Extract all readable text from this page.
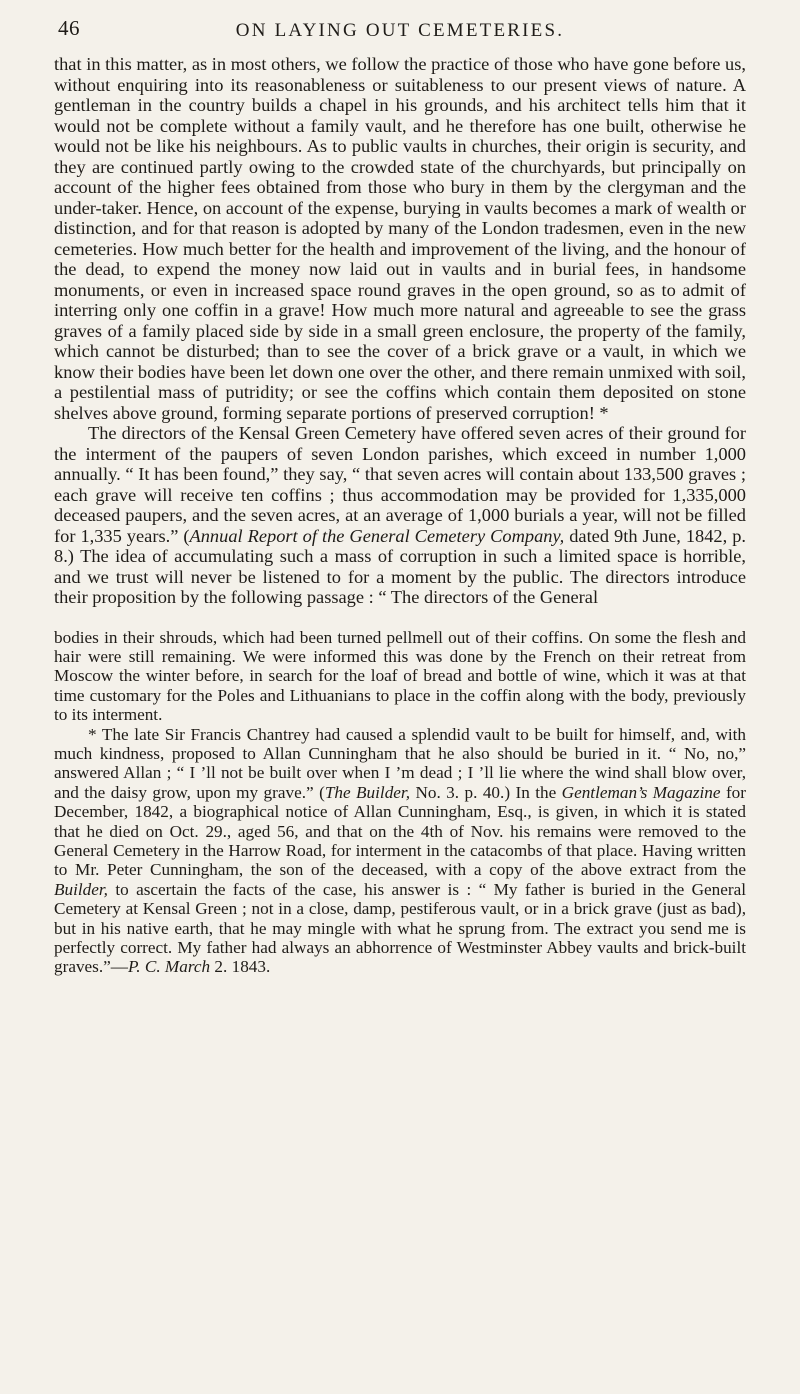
46	ON LAYING OUT CEMETERIES.

that in this matter, as in most others, we follow the practice of those who have gone before us, without enquiring into its reasonableness or suitableness to our present views of nature. A gentleman in the country builds a chapel in his grounds, and his architect tells him that it would not be complete without a family vault, and he therefore has one built, otherwise he would not be like his neighbours. As to public vaults in churches, their origin is security, and they are continued partly owing to the crowded state of the churchyards, but principally on account of the higher fees obtained from those who bury in them by the clergyman and the under-taker. Hence, on account of the expense, burying in vaults becomes a mark of wealth or distinction, and for that reason is adopted by many of the London tradesmen, even in the new cemeteries. How much better for the health and improvement of the living, and the honour of the dead, to expend the money now laid out in vaults and in burial fees, in handsome monuments, or even in increased space round graves in the open ground, so as to admit of interring only one coffin in a grave! How much more natural and agreeable to see the grass graves of a family placed side by side in a small green enclosure, the property of the family, which cannot be disturbed; than to see the cover of a brick grave or a vault, in which we know their bodies have been let down one over the other, and there remain unmixed with soil, a pestilential mass of putridity; or see the coffins which contain them deposited on stone shelves above ground, forming separate portions of preserved corruption! *

The directors of the Kensal Green Cemetery have offered seven acres of their ground for the interment of the paupers of seven London parishes, which exceed in number 1,000 annually. “ It has been found,” they say, “ that seven acres will contain about 133,500 graves ; each grave will receive ten coffins ; thus accommodation may be provided for 1,335,000 deceased paupers, and the seven acres, at an average of 1,000 burials a year, will not be filled for 1,335 years.” (Annual Report of the General Cemetery Company, dated 9th June, 1842, p. 8.) The idea of accumulating such a mass of corruption in such a limited space is horrible, and we trust will never be listened to for a moment by the public. The directors introduce their proposition by the following passage : “ The directors of the General

bodies in their shrouds, which had been turned pellmell out of their coffins. On some the flesh and hair were still remaining. We were informed this was done by the French on their retreat from Moscow the winter before, in search for the loaf of bread and bottle of wine, which it was at that time customary for the Poles and Lithuanians to place in the coffin along with the body, previously to its interment.

* The late Sir Francis Chantrey had caused a splendid vault to be built for himself, and, with much kindness, proposed to Allan Cunningham that he also should be buried in it. “ No, no,” answered Allan ; “ I ’ll not be built over when I ’m dead ; I ’ll lie where the wind shall blow over, and the daisy grow, upon my grave.” (The Builder, No. 3. p. 40.) In the Gentleman’s Magazine for December, 1842, a biographical notice of Allan Cunningham, Esq., is given, in which it is stated that he died on Oct. 29., aged 56, and that on the 4th of Nov. his remains were removed to the General Cemetery in the Harrow Road, for interment in the catacombs of that place. Having written to Mr. Peter Cunningham, the son of the deceased, with a copy of the above extract from the Builder, to ascertain the facts of the case, his answer is : “ My father is buried in the General Cemetery at Kensal Green ; not in a close, damp, pestiferous vault, or in a brick grave (just as bad), but in his native earth, that he may mingle with what he sprung from. The extract you send me is perfectly correct. My father had always an abhorrence of Westminster Abbey vaults and brick-built graves.”—P. C. March 2. 1843.
